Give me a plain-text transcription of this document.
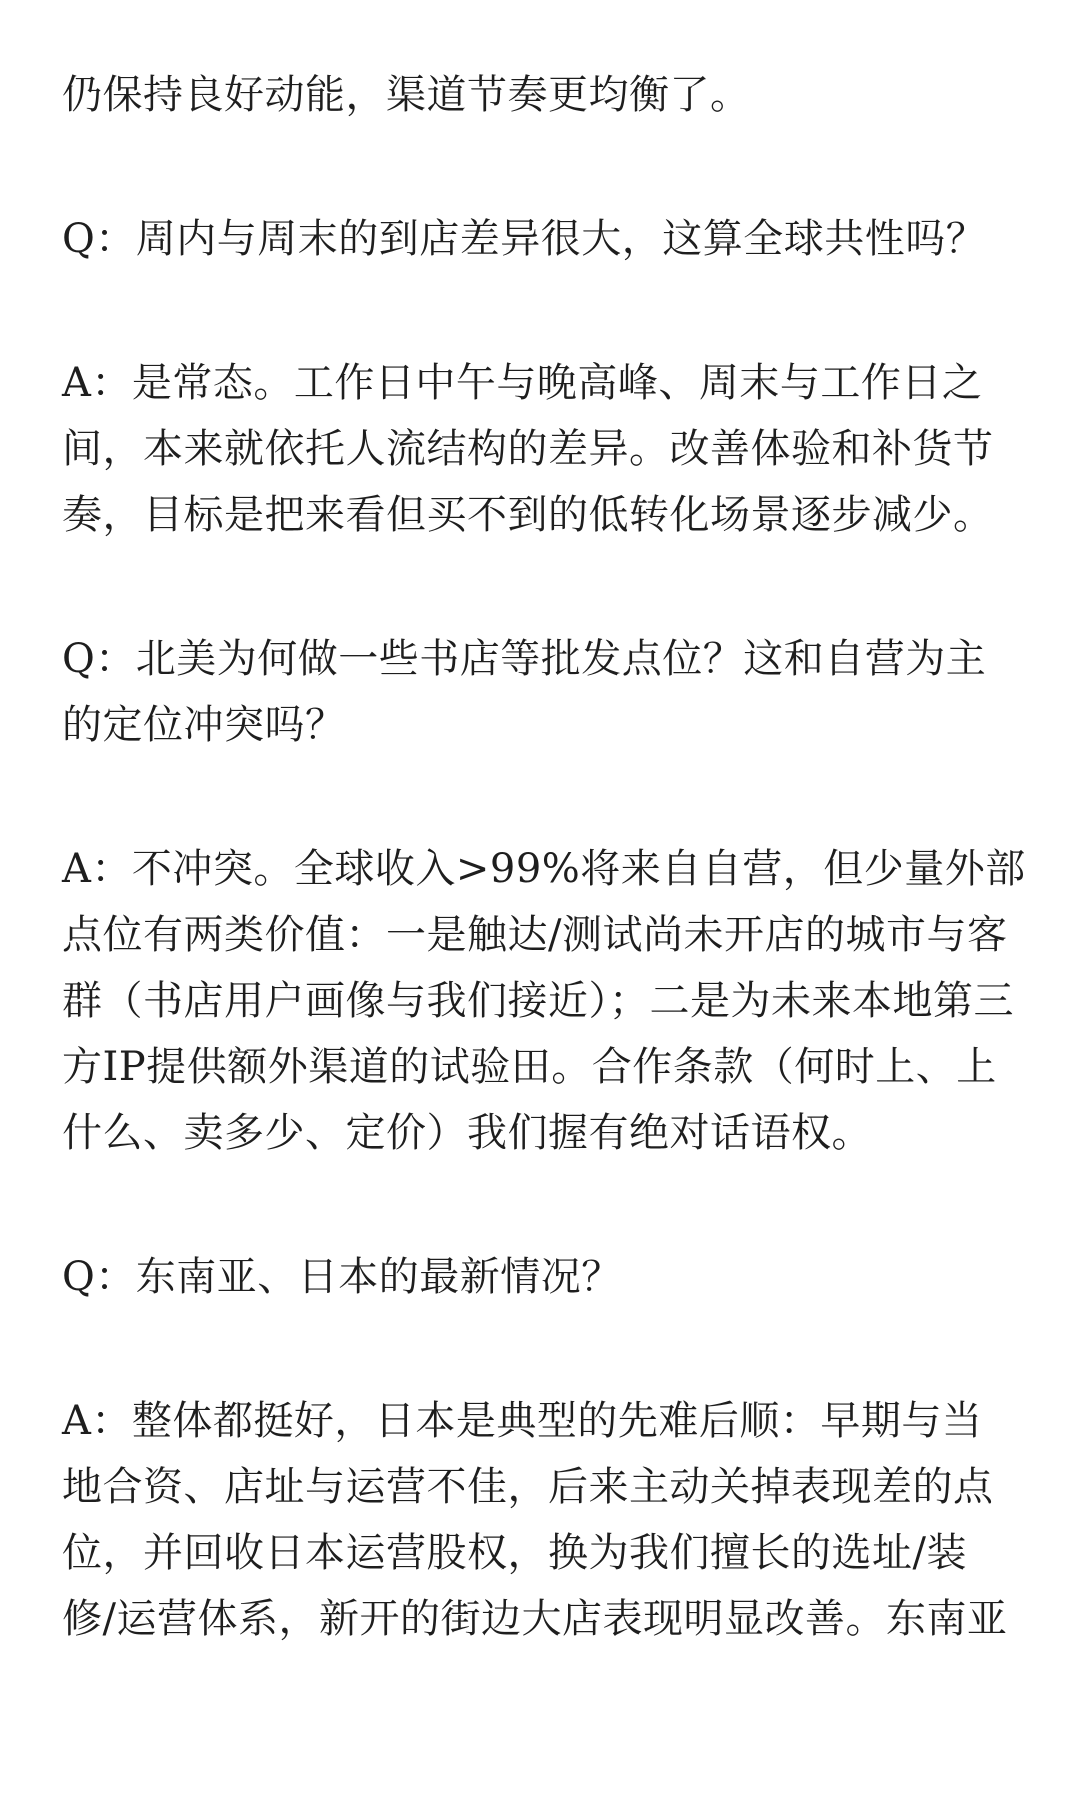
仍保持良好动能，渠道节奏更均衡了。
Q：周内与周末的到店差异很大，这算全球共性吗？
A：是常态。工作日中午与晚高峰、周末与工作日之
间，本来就依托人流结构的差异。改善体验和补货节
奏，目标是把来看但买不到的低转化场景逐步减少。
Q：北美为何做一些书店等批发点位？这和自营为主
的定位冲突吗？
A：不冲突。全球收入>99%将来自自营，但少量外部
点位有两类价值：一是触达/测试尚未开店的城市与客
群（书店用户画像与我们接近）；二是为未来本地第三
方IP提供额外渠道的试验田。合作条款（何时上、上
什么、卖多少、定价）我们握有绝对话语权。
Q：东南亚、日本的最新情况？
A：整体都挺好，日本是典型的先难后顺：早期与当
地合资、店址与运营不佳，后来主动关掉表现差的点
位，并回收日本运营股权，换为我们擅长的选址/装
修/运营体系，新开的街边大店表现明显改善。东南亚
